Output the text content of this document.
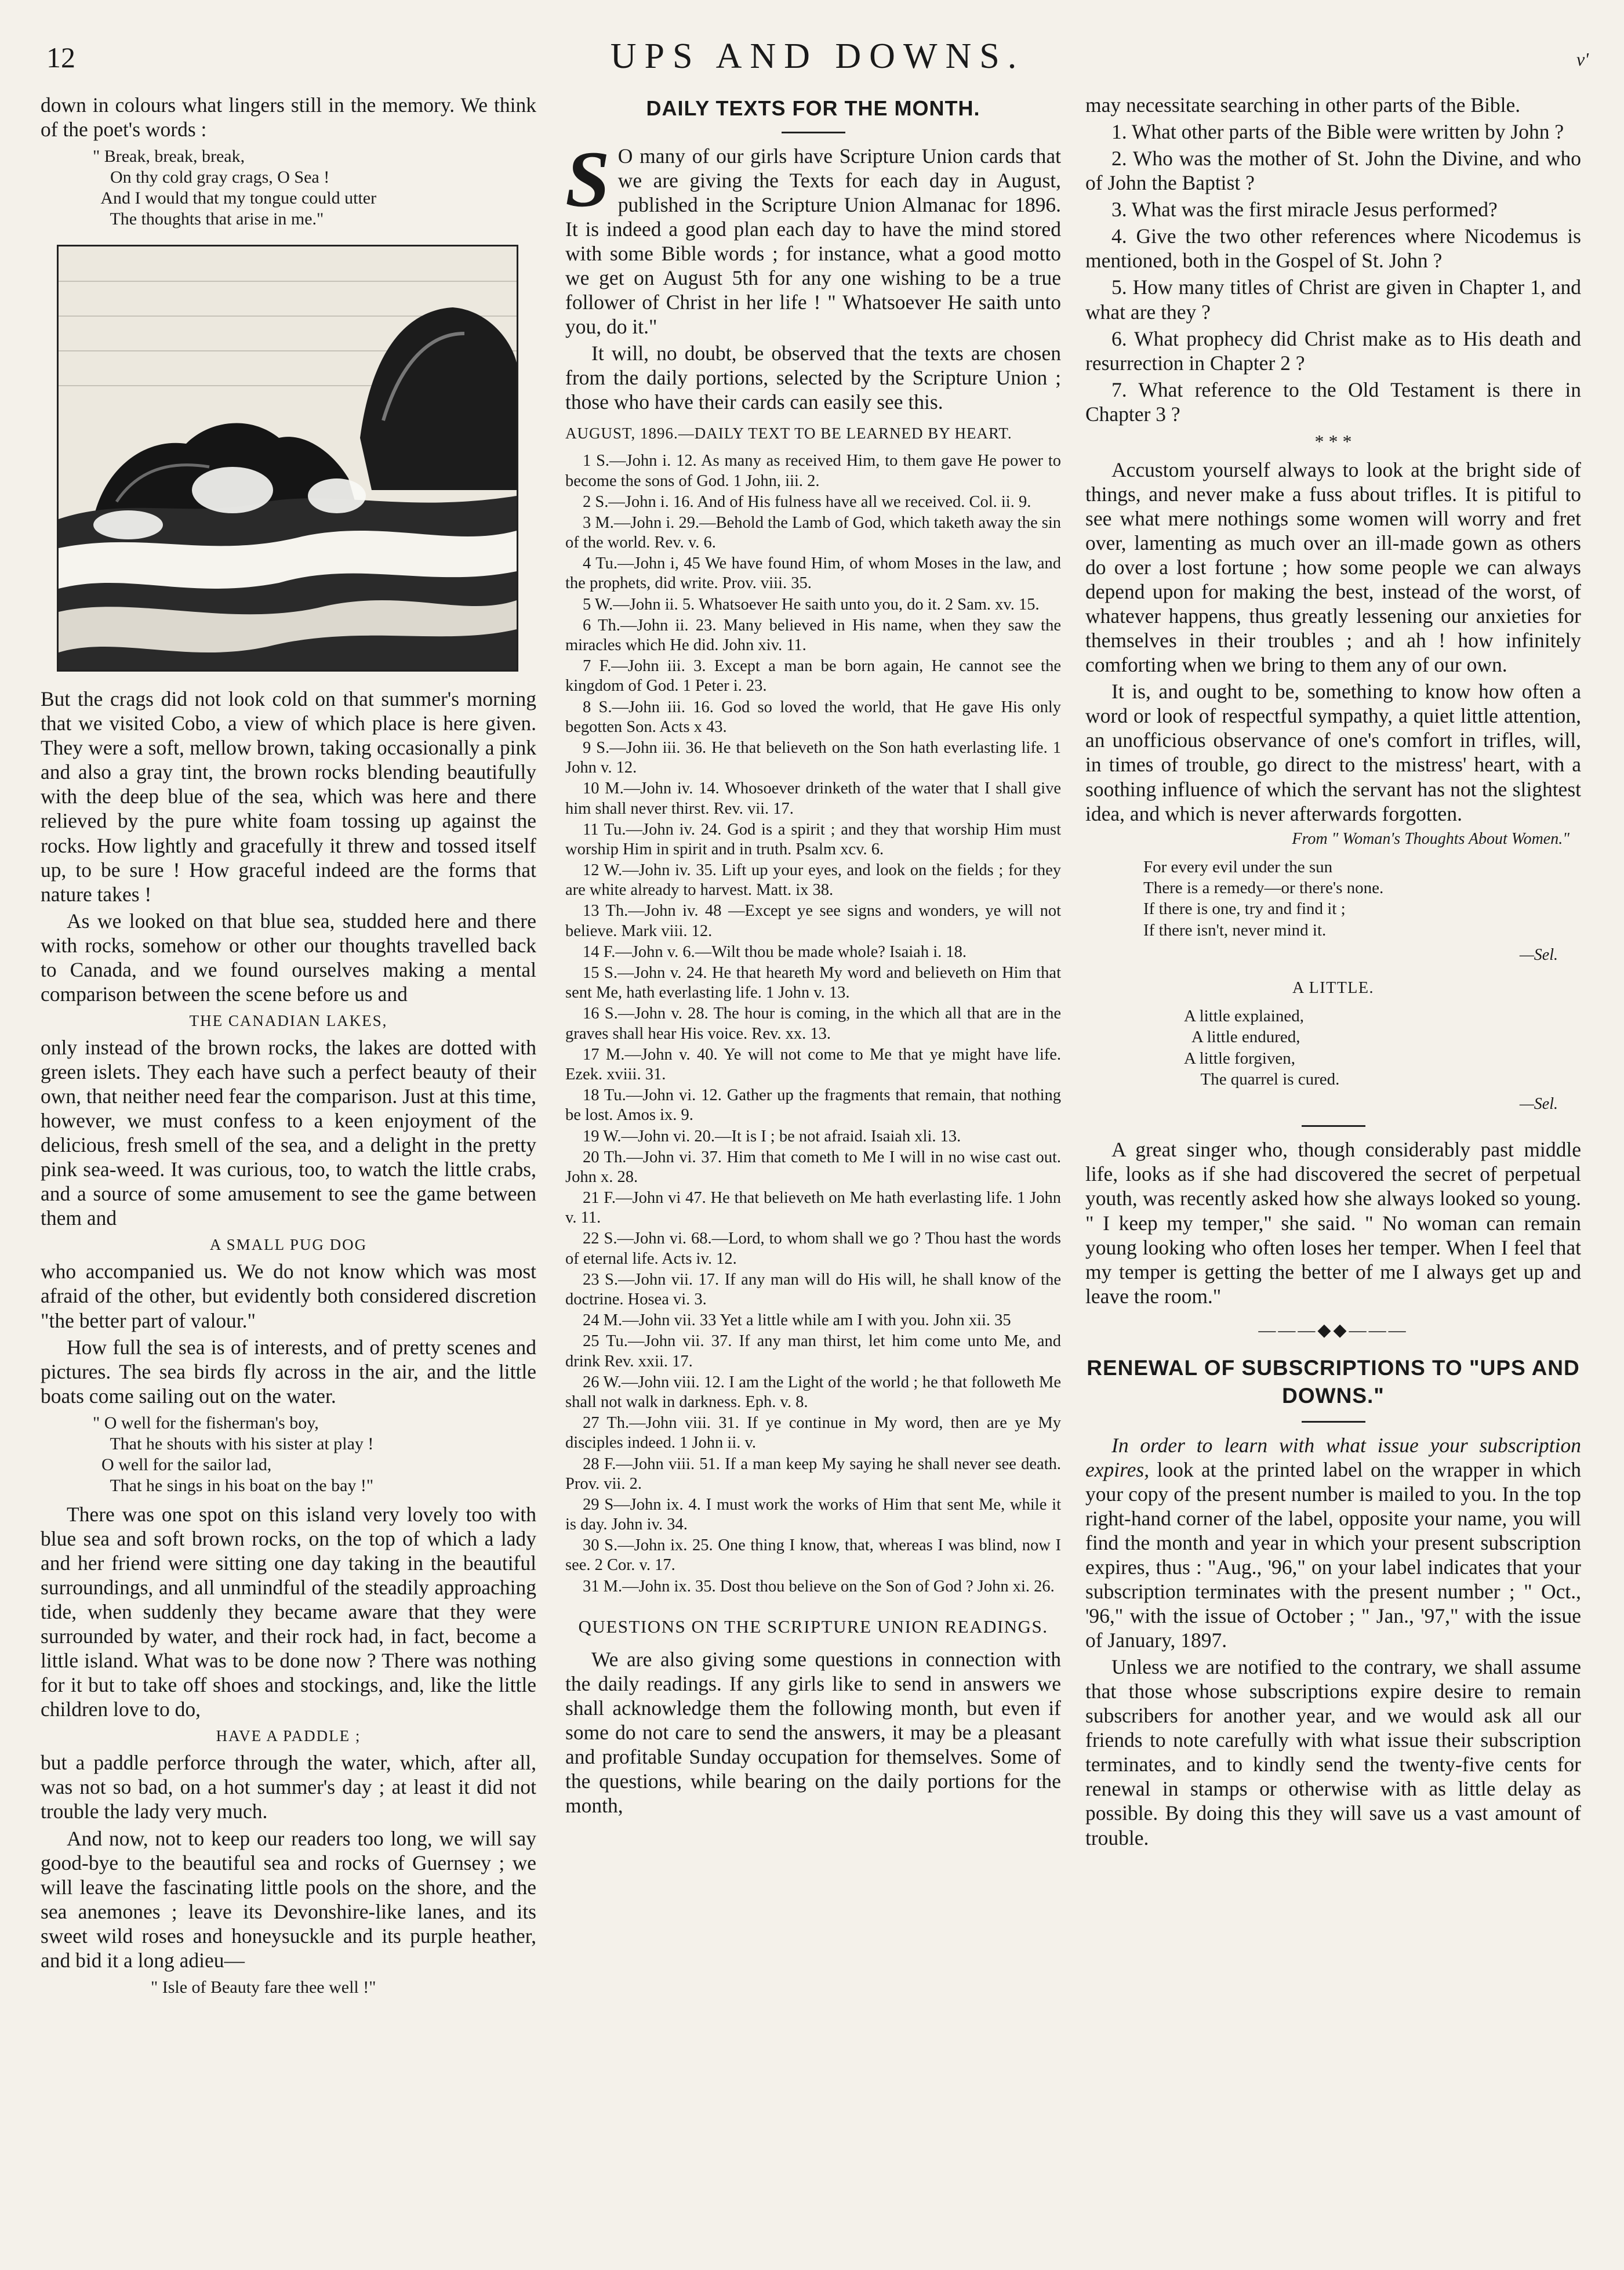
12	UPS AND DOWNS.	v'

down in colours what lingers still in the memory. We think of the poet's words :

" Break, break, break,
On thy cold gray crags, O Sea !
And I would that my tongue could utter
The thoughts that arise in me."

But the crags did not look cold on that summer's morning that we visited Cobo, a view of which place is here given. They were a soft, mellow brown, taking occasionally a pink and also a gray tint, the brown rocks blending beautifully with the deep blue of the sea, which was here and there relieved by the pure white foam tossing up against the rocks. How lightly and gracefully it threw and tossed itself up, to be sure ! How graceful indeed are the forms that nature takes !

As we looked on that blue sea, studded here and there with rocks, somehow or other our thoughts travelled back to Canada, and we found ourselves making a mental comparison between the scene before us and

THE CANADIAN LAKES,

only instead of the brown rocks, the lakes are dotted with green islets. They each have such a perfect beauty of their own, that neither need fear the comparison. Just at this time, however, we must confess to a keen enjoyment of the delicious, fresh smell of the sea, and a delight in the pretty pink sea-weed. It was curious, too, to watch the little crabs, and a source of some amusement to see the game between them and

A SMALL PUG DOG

who accompanied us. We do not know which was most afraid of the other, but evidently both considered discretion "the better part of valour."

How full the sea is of interests, and of pretty scenes and pictures. The sea birds fly across in the air, and the little boats come sailing out on the water.

" O well for the fisherman's boy,
That he shouts with his sister at play !
O well for the sailor lad,
That he sings in his boat on the bay !"

There was one spot on this island very lovely too with blue sea and soft brown rocks, on the top of which a lady and her friend were sitting one day taking in the beautiful surroundings, and all unmindful of the steadily approaching tide, when suddenly they became aware that they were surrounded by water, and their rock had, in fact, become a little island. What was to be done now ? There was nothing for it but to take off shoes and stockings, and, like the little children love to do,

HAVE A PADDLE ;

but a paddle perforce through the water, which, after all, was not so bad, on a hot summer's day ; at least it did not trouble the lady very much.

And now, not to keep our readers too long, we will say good-bye to the beautiful sea and rocks of Guernsey ; we will leave the fascinating little pools on the shore, and the sea anemones ; leave its Devonshire-like lanes, and its sweet wild roses and honeysuckle and its purple heather, and bid it a long adieu—

" Isle of Beauty fare thee well !"
DAILY TEXTS FOR THE MONTH.

S O many of our girls have Scripture Union cards that we are giving the Texts for each day in August, published in the Scripture Union Almanac for 1896. It is indeed a good plan each day to have the mind stored with some Bible words ; for instance, what a good motto we get on August 5th for any one wishing to be a true follower of Christ in her life ! " Whatsoever He saith unto you, do it."

It will, no doubt, be observed that the texts are chosen from the daily portions, selected by the Scripture Union ; those who have their cards can easily see this.

AUGUST, 1896.—DAILY TEXT TO BE LEARNED BY HEART.

1 S.—John i. 12. As many as received Him, to them gave He power to become the sons of God. 1 John, iii. 2.

2 S.—John i. 16. And of His fulness have all we received. Col. ii. 9.

3 M.—John i. 29.—Behold the Lamb of God, which taketh away the sin of the world. Rev. v. 6.

4 Tu.—John i, 45 We have found Him, of whom Moses in the law, and the prophets, did write. Prov. viii. 35.

5 W.—John ii. 5. Whatsoever He saith unto you, do it. 2 Sam. xv. 15.

6 Th.—John ii. 23. Many believed in His name, when they saw the miracles which He did. John xiv. 11.

7 F.—John iii. 3. Except a man be born again, He cannot see the kingdom of God. 1 Peter i. 23.

8 S.—John iii. 16. God so loved the world, that He gave His only begotten Son. Acts x 43.

9 S.—John iii. 36. He that believeth on the Son hath everlasting life. 1 John v. 12.

10 M.—John iv. 14. Whosoever drinketh of the water that I shall give him shall never thirst. Rev. vii. 17.

11 Tu.—John iv. 24. God is a spirit ; and they that worship Him must worship Him in spirit and in truth. Psalm xcv. 6.

12 W.—John iv. 35. Lift up your eyes, and look on the fields ; for they are white already to harvest. Matt. ix 38.

13 Th.—John iv. 48 —Except ye see signs and wonders, ye will not believe. Mark viii. 12.

14 F.—John v. 6.—Wilt thou be made whole? Isaiah i. 18.

15 S.—John v. 24. He that heareth My word and believeth on Him that sent Me, hath everlasting life. 1 John v. 13.

16 S.—John v. 28. The hour is coming, in the which all that are in the graves shall hear His voice. Rev. xx. 13.

17 M.—John v. 40. Ye will not come to Me that ye might have life. Ezek. xviii. 31.

18 Tu.—John vi. 12. Gather up the fragments that remain, that nothing be lost. Amos ix. 9.

19 W.—John vi. 20.—It is I ; be not afraid. Isaiah xli. 13.

20 Th.—John vi. 37. Him that cometh to Me I will in no wise cast out. John x. 28.

21 F.—John vi 47. He that believeth on Me hath everlasting life. 1 John v. 11.

22 S.—John vi. 68.—Lord, to whom shall we go ? Thou hast the words of eternal life. Acts iv. 12.

23 S.—John vii. 17. If any man will do His will, he shall know of the doctrine. Hosea vi. 3.

24 M.—John vii. 33 Yet a little while am I with you. John xii. 35

25 Tu.—John vii. 37. If any man thirst, let him come unto Me, and drink Rev. xxii. 17.

26 W.—John viii. 12. I am the Light of the world ; he that followeth Me shall not walk in darkness. Eph. v. 8.

27 Th.—John viii. 31. If ye continue in My word, then are ye My disciples indeed. 1 John ii. v.

28 F.—John viii. 51. If a man keep My saying he shall never see death. Prov. vii. 2.

29 S—John ix. 4. I must work the works of Him that sent Me, while it is day. John iv. 34.

30 S.—John ix. 25. One thing I know, that, whereas I was blind, now I see. 2 Cor. v. 17.

31 M.—John ix. 35. Dost thou believe on the Son of God ? John xi. 26.

QUESTIONS ON THE SCRIPTURE UNION READINGS.

We are also giving some questions in connection with the daily readings. If any girls like to send in answers we shall acknowledge them the following month, but even if some do not care to send the answers, it may be a pleasant and profitable Sunday occupation for themselves. Some of the questions, while bearing on the daily portions for the month,

may necessitate searching in other parts of the Bible.

1. What other parts of the Bible were written by John ?

2. Who was the mother of St. John the Divine, and who of John the Baptist ?

3. What was the first miracle Jesus performed?

4. Give the two other references where Nicodemus is mentioned, both in the Gospel of St. John ?

5. How many titles of Christ are given in Chapter 1, and what are they ?

6. What prophecy did Christ make as to His death and resurrection in Chapter 2 ?

7. What reference to the Old Testament is there in Chapter 3 ?

* * *

Accustom yourself always to look at the bright side of things, and never make a fuss about trifles. It is pitiful to see what mere nothings some women will worry and fret over, lamenting as much over an ill-made gown as others do over a lost fortune ; how some people we can always depend upon for making the best, instead of the worst, of whatever happens, thus greatly lessening our anxieties for themselves in their troubles ; and ah ! how infinitely comforting when we bring to them any of our own.

It is, and ought to be, something to know how often a word or look of respectful sympathy, a quiet little attention, an unofficious observance of one's comfort in trifles, will, in times of trouble, go direct to the mistress' heart, with a soothing influence of which the servant has not the slightest idea, and which is never afterwards forgotten.

From " Woman's Thoughts About Women."
For every evil under the sun
There is a remedy—or there's none.
If there is one, try and find it ;
If there isn't, never mind it.
—Sel.
A LITTLE.
A little explained,
A little endured,
A little forgiven,
The quarrel is cured.
—Sel.

A great singer who, though considerably past middle life, looks as if she had discovered the secret of perpetual youth, was recently asked how she always looked so young. " I keep my temper," she said. " No woman can remain young looking who often loses her temper. When I feel that my temper is getting the better of me I always get up and leave the room."

———◆◆———
RENEWAL OF SUBSCRIPTIONS TO "UPS AND DOWNS."

In order to learn with what issue your subscription expires, look at the printed label on the wrapper in which your copy of the present number is mailed to you. In the top right-hand corner of the label, opposite your name, you will find the month and year in which your present subscription expires, thus : "Aug., '96," on your label indicates that your subscription terminates with the present number ; " Oct., '96," with the issue of October ; " Jan., '97," with the issue of January, 1897.

Unless we are notified to the contrary, we shall assume that those whose subscriptions expire desire to remain subscribers for another year, and we would ask all our friends to note carefully with what issue their subscription terminates, and to kindly send the twenty-five cents for renewal in stamps or otherwise with as little delay as possible. By doing this they will save us a vast amount of trouble.
